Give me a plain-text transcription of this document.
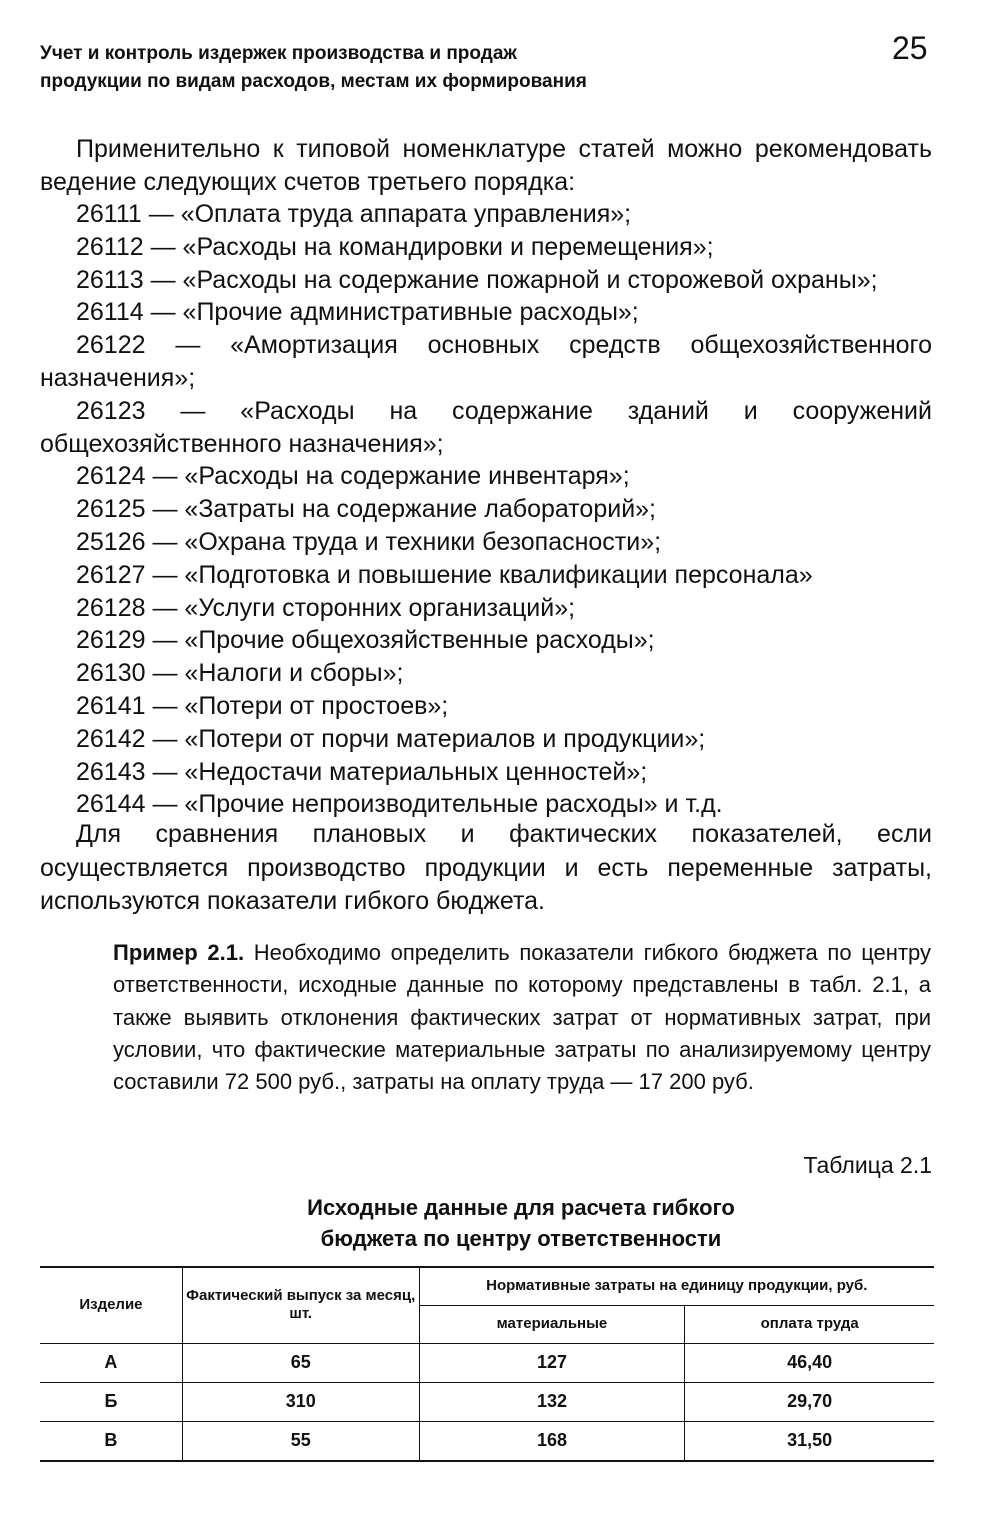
Учет и контроль издержек производства и продаж
продукции по видам расходов, местам их формирования
25

Применительно к типовой номенклатуре статей можно рекомендовать ведение следующих счетов третьего порядка:

26111 — «Оплата труда аппарата управления»;
26112 — «Расходы на командировки и перемещения»;
26113 — «Расходы на содержание пожарной и сторожевой охраны»;
26114 — «Прочие административные расходы»;
26122 — «Амортизация основных средств общехозяйственного назначения»;
26123 — «Расходы на содержание зданий и сооружений общехозяйственного назначения»;
26124 — «Расходы на содержание инвентаря»;
26125 — «Затраты на содержание лабораторий»;
25126 — «Охрана труда и техники безопасности»;
26127 — «Подготовка и повышение квалификации персонала»
26128 — «Услуги сторонних организаций»;
26129 — «Прочие общехозяйственные расходы»;
26130 — «Налоги и сборы»;
26141 — «Потери от простоев»;
26142 — «Потери от порчи материалов и продукции»;
26143 — «Недостачи материальных ценностей»;
26144 — «Прочие непроизводительные расходы» и т.д.

Для сравнения плановых и фактических показателей, если осуществляется производство продукции и есть переменные затраты, используются показатели гибкого бюджета.

Пример 2.1. Необходимо определить показатели гибкого бюджета по центру ответственности, исходные данные по которому представлены в табл. 2.1, а также выявить отклонения фактических затрат от нормативных затрат, при условии, что фактические материальные затраты по анализируемому центру составили 72 500 руб., затраты на оплату труда — 17 200 руб.

Таблица 2.1
Исходные данные для расчета гибкого
бюджета по центру ответственности
Изделие	Фактический выпуск за месяц, шт.	Нормативные затраты на единицу продукции, руб.	
		материальные	оплата труда
А	65	127	46,40
Б	310	132	29,70
В	55	168	31,50
